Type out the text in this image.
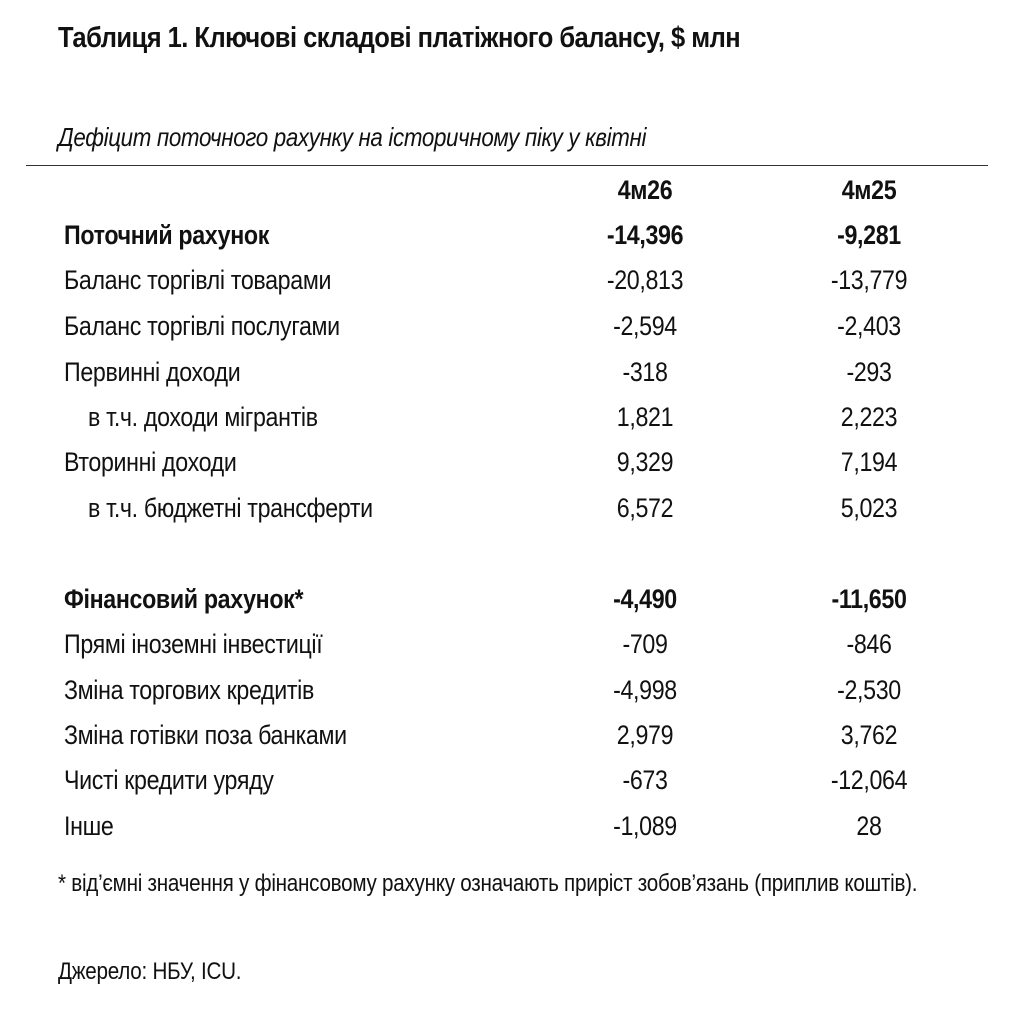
Таблиця 1. Ключові складові платіжного балансу, $ млн
Дефіцит поточного рахунку на історичному піку у квітні
4м26	4м25
Поточний рахунок	-14,396	-9,281
Баланс торгівлі товарами	-20,813	-13,779
Баланс торгівлі послугами	-2,594	-2,403
Первинні доходи	-318	-293
в т.ч. доходи мігрантів	1,821	2,223
Вторинні доходи	9,329	7,194
в т.ч. бюджетні трансферти	6,572	5,023
Фінансовий рахунок*	-4,490	-11,650
Прямі іноземні інвестиції	-709	-846
Зміна торгових кредитів	-4,998	-2,530
Зміна готівки поза банками	2,979	3,762
Чисті кредити уряду	-673	-12,064
Інше	-1,089	28
* від’ємні значення у фінансовому рахунку означають приріст зобов’язань (приплив коштів).
Джерело: НБУ, ICU.
